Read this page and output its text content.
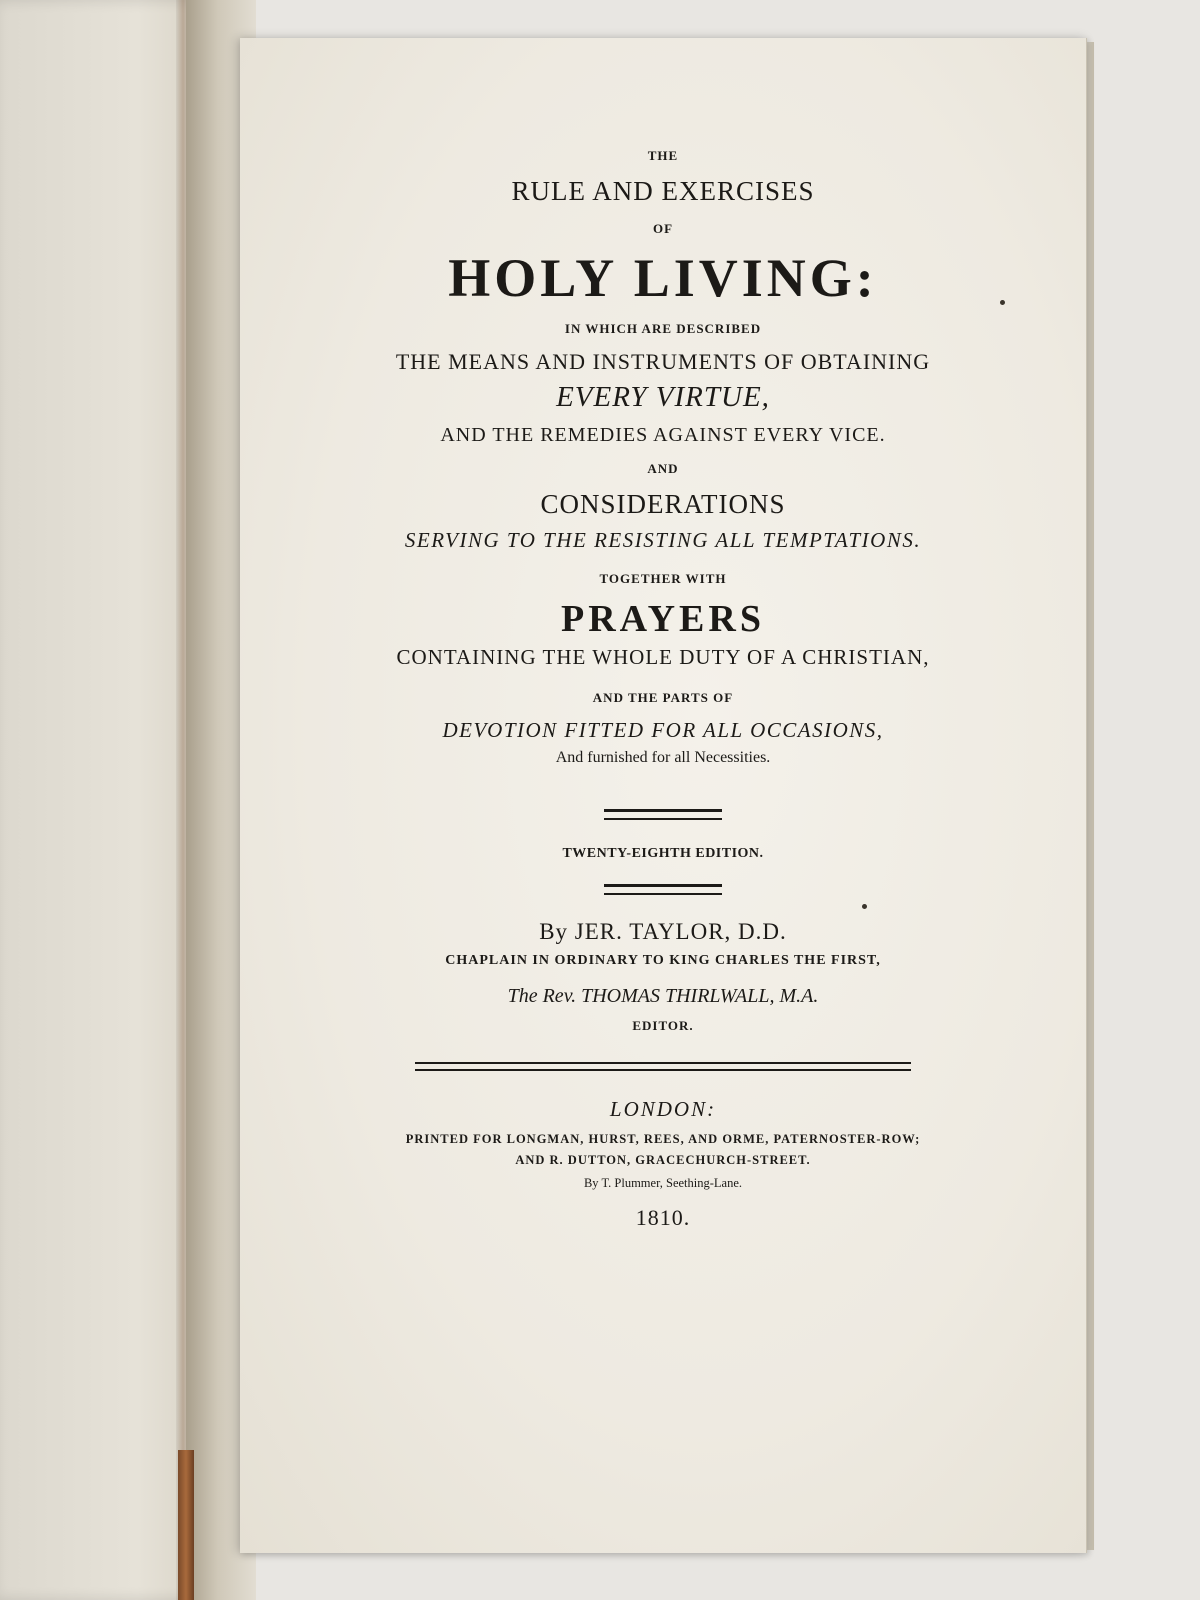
THE
RULE AND EXERCISES
OF
HOLY LIVING:
IN WHICH ARE DESCRIBED
THE MEANS AND INSTRUMENTS OF OBTAINING
EVERY VIRTUE,
AND THE REMEDIES AGAINST EVERY VICE.
AND
CONSIDERATIONS
SERVING TO THE RESISTING ALL TEMPTATIONS.
TOGETHER WITH
PRAYERS
CONTAINING THE WHOLE DUTY OF A CHRISTIAN,
AND THE PARTS OF
DEVOTION FITTED FOR ALL OCCASIONS,
And furnished for all Necessities.
TWENTY-EIGHTH EDITION.
By JER. TAYLOR, D.D.
CHAPLAIN IN ORDINARY TO KING CHARLES THE FIRST,
The Rev. THOMAS THIRLWALL, M.A.
EDITOR.
LONDON:
PRINTED FOR LONGMAN, HURST, REES, AND ORME, PATERNOSTER-ROW;
AND R. DUTTON, GRACECHURCH-STREET.
By T. Plummer, Seething-Lane.
1810.
